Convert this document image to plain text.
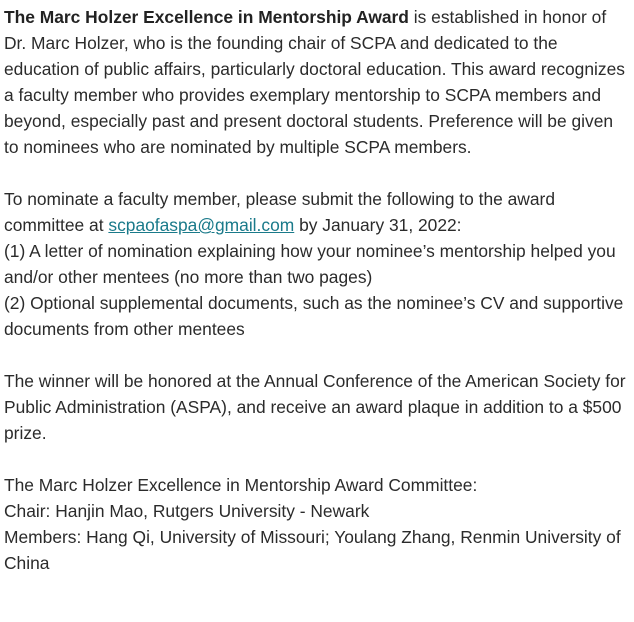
The Marc Holzer Excellence in Mentorship Award is established in honor of Dr. Marc Holzer, who is the founding chair of SCPA and dedicated to the education of public affairs, particularly doctoral education. This award recognizes a faculty member who provides exemplary mentorship to SCPA members and beyond, especially past and present doctoral students. Preference will be given to nominees who are nominated by multiple SCPA members.

To nominate a faculty member, please submit the following to the award committee at scpaofaspa@gmail.com by January 31, 2022:
(1) A letter of nomination explaining how your nominee’s mentorship helped you and/or other mentees (no more than two pages)
(2) Optional supplemental documents, such as the nominee’s CV and supportive documents from other mentees

The winner will be honored at the Annual Conference of the American Society for Public Administration (ASPA), and receive an award plaque in addition to a $500 prize.

The Marc Holzer Excellence in Mentorship Award Committee:
Chair: Hanjin Mao, Rutgers University - Newark
Members: Hang Qi, University of Missouri; Youlang Zhang, Renmin University of China
